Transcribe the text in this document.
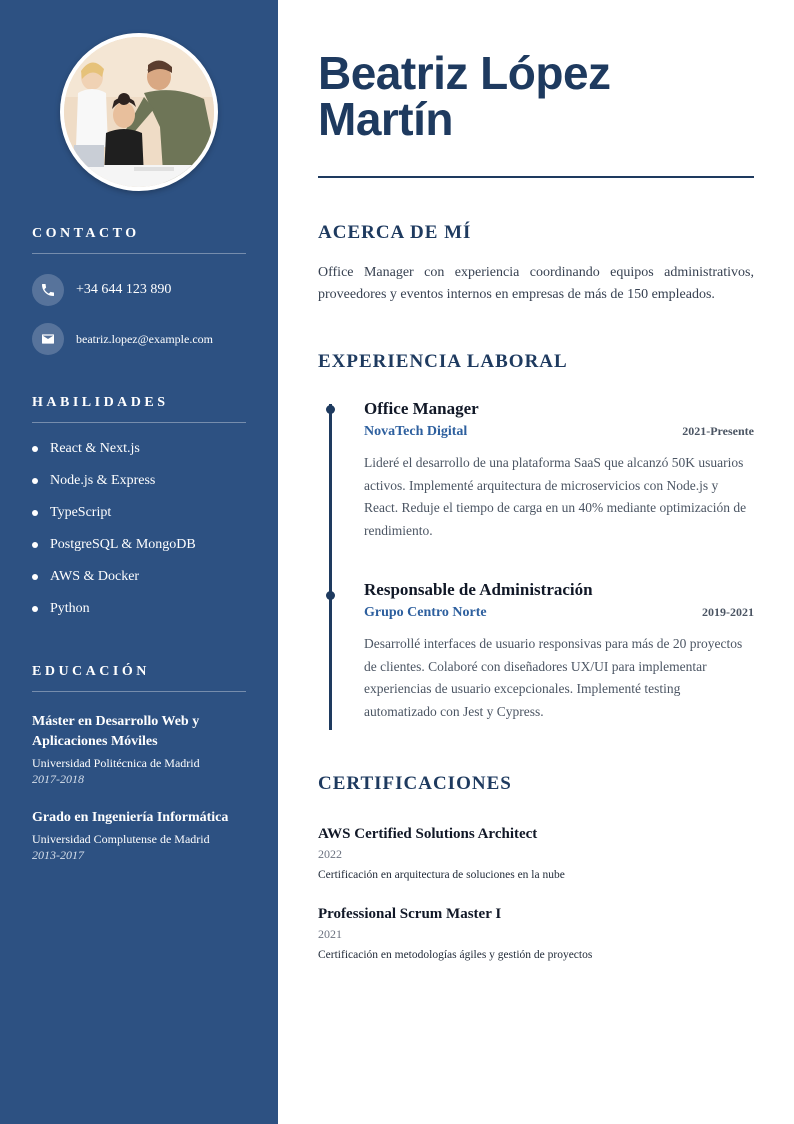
CONTACTO
+34 644 123 890
beatriz.lopez@example.com
HABILIDADES
React & Next.js
Node.js & Express
TypeScript
PostgreSQL & MongoDB
AWS & Docker
Python
EDUCACIÓN
Máster en Desarrollo Web y Aplicaciones Móviles
Universidad Politécnica de Madrid
2017-2018
Grado en Ingeniería Informática
Universidad Complutense de Madrid
2013-2017
Beatriz López
Martín
ACERCA DE MÍ

Office Manager con experiencia coordinando equipos administrativos, proveedores y eventos internos en empresas de más de 150 empleados.

EXPERIENCIA LABORAL
Office Manager
NovaTech Digital	2021-Presente

Lideré el desarrollo de una plataforma SaaS que alcanzó 50K usuarios activos. Implementé arquitectura de microservicios con Node.js y React. Reduje el tiempo de carga en un 40% mediante optimización de rendimiento.

Responsable de Administración
Grupo Centro Norte	2019-2021

Desarrollé interfaces de usuario responsivas para más de 20 proyectos de clientes. Colaboré con diseñadores UX/UI para implementar experiencias de usuario excepcionales. Implementé testing automatizado con Jest y Cypress.

CERTIFICACIONES
AWS Certified Solutions Architect
2022
Certificación en arquitectura de soluciones en la nube
Professional Scrum Master I
2021
Certificación en metodologías ágiles y gestión de proyectos
